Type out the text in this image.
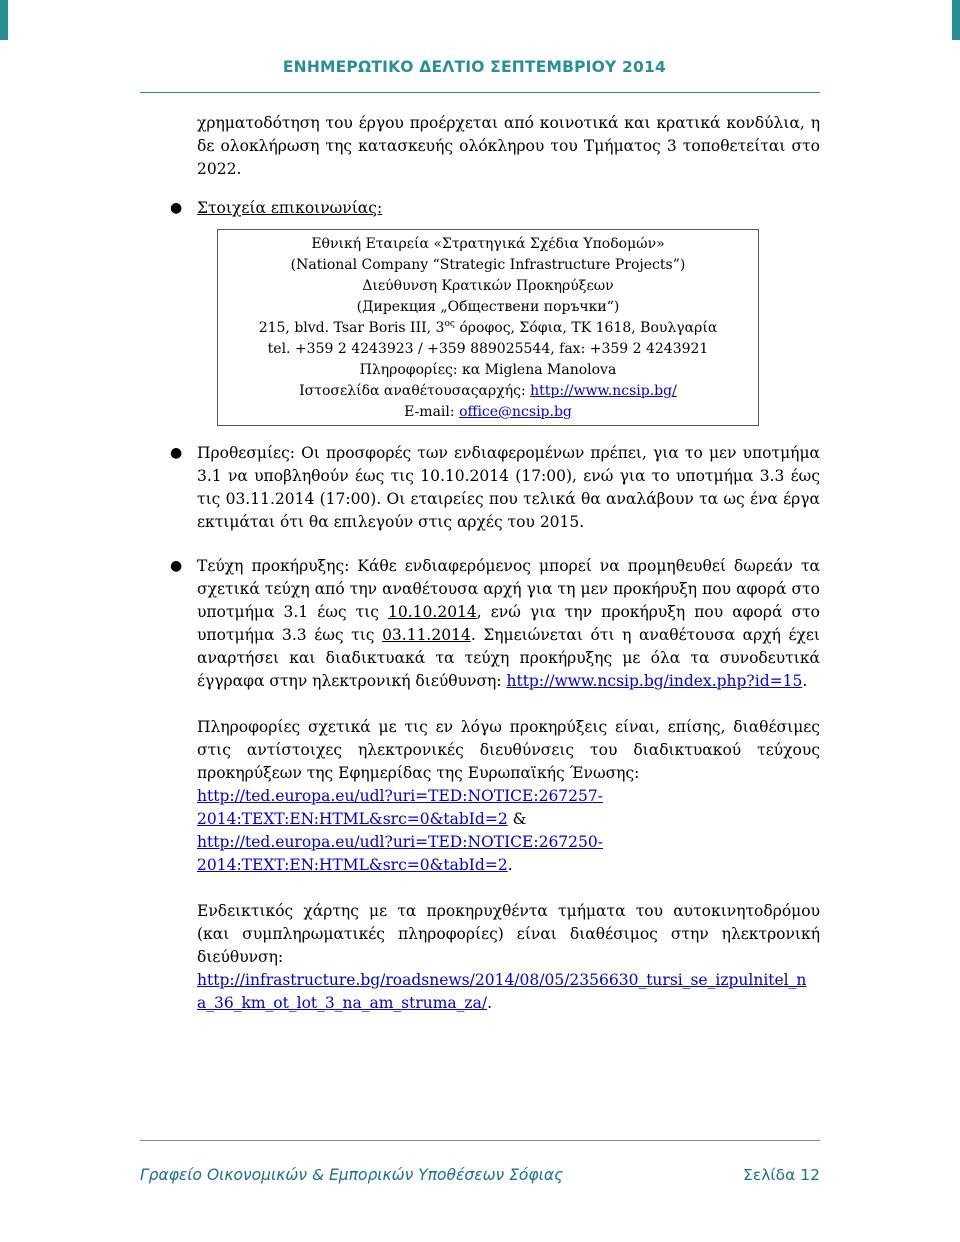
ΕΝΗΜΕΡΩΤΙΚΟ ΔΕΛΤΙΟ ΣΕΠΤΕΜΒΡΙΟΥ 2014

χρηματοδότηση του έργου προέρχεται από κοινοτικά και κρατικά κονδύλια, η δε ολοκλήρωση της κατασκευής ολόκληρου του Τμήματος 3 τοποθετείται στο 2022.

● Στοιχεία επικοινωνίας:
Εθνική Εταιρεία «Στρατηγικά Σχέδια Υποδομών»
(National Company “Strategic Infrastructure Projects”)
Διεύθυνση Κρατικών Προκηρύξεων
(Дирекция „Обществени поръчки“)
215, blvd. Tsar Boris III, $3^{o\varsigma}$ όροφος, Σόφια, ΤΚ 1618, Βουλγαρία
tel. +359 2 4243923 / +359 889025544, fax: +359 2 4243921
Πληροφορίες: κα Miglena Manolova
Ιστοσελίδα αναθέτουσαςαρχής: http://www.ncsip.bg/
E-mail: office@ncsip.bg
● Προθεσμίες: Οι προσφορές των ενδιαφερομένων πρέπει, για το μεν υποτμήμα 3.1 να υποβληθούν έως τις 10.10.2014 (17:00), ενώ για το υποτμήμα 3.3 έως τις 03.11.2014 (17:00). Οι εταιρείες που τελικά θα αναλάβουν τα ως ένα έργα εκτιμάται ότι θα επιλεγούν στις αρχές του 2015.
● Τεύχη προκήρυξης: Κάθε ενδιαφερόμενος μπορεί να προμηθευθεί δωρεάν τα σχετικά τεύχη από την αναθέτουσα αρχή για τη μεν προκήρυξη που αφορά στο υποτμήμα 3.1 έως τις 10.10.2014, ενώ για την προκήρυξη που αφορά στο υποτμήμα 3.3 έως τις 03.11.2014. Σημειώνεται ότι η αναθέτουσα αρχή έχει αναρτήσει και διαδικτυακά τα τεύχη προκήρυξης με όλα τα συνοδευτικά έγγραφα στην ηλεκτρονική διεύθυνση: http://www.ncsip.bg/index.php?id=15.

Πληροφορίες σχετικά με τις εν λόγω προκηρύξεις είναι, επίσης, διαθέσιμες στις αντίστοιχες ηλεκτρονικές διευθύνσεις του διαδικτυακού τεύχους προκηρύξεων της Εφημερίδας της Ευρωπαϊκής Ένωσης:
http://ted.europa.eu/udl?uri=TED:NOTICE:267257-
2014:TEXT:EN:HTML&src=0&tabId=2 &
http://ted.europa.eu/udl?uri=TED:NOTICE:267250-
2014:TEXT:EN:HTML&src=0&tabId=2.

Ενδεικτικός χάρτης με τα προκηρυχθέντα τμήματα του αυτοκινητοδρόμου (και συμπληρωματικές πληροφορίες) είναι διαθέσιμος στην ηλεκτρονική διεύθυνση:
http://infrastructure.bg/roadsnews/2014/08/05/2356630_tursi_se_izpulnitel_n
a_36_km_ot_lot_3_na_am_struma_za/.

Γραφείο Οικονομικών & Εμπορικών Υποθέσεων Σόφιας	Σελίδα 12
